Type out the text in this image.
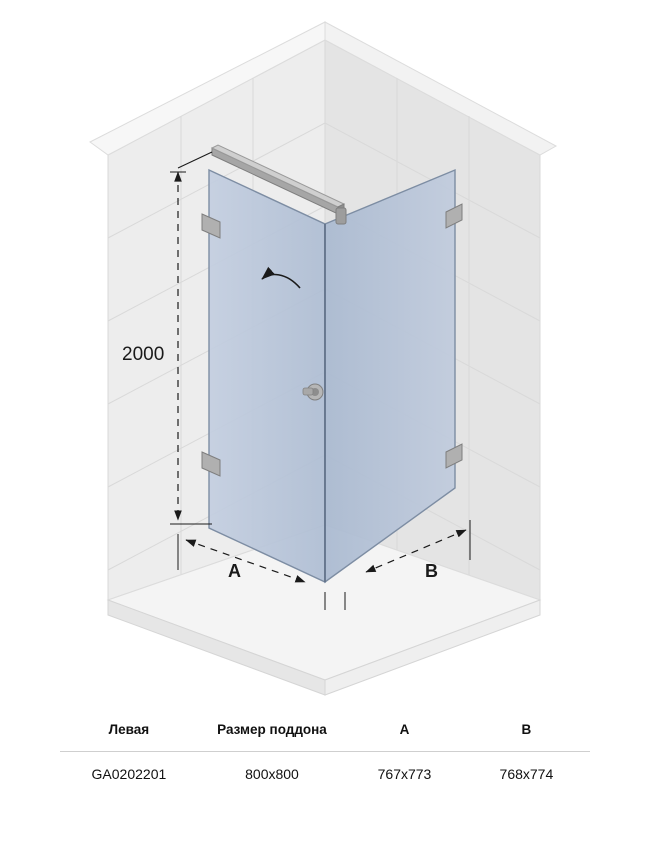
2000
A	B
Левая	Размер поддона	A	B
GA0202201	800x800	767x773	768x774
